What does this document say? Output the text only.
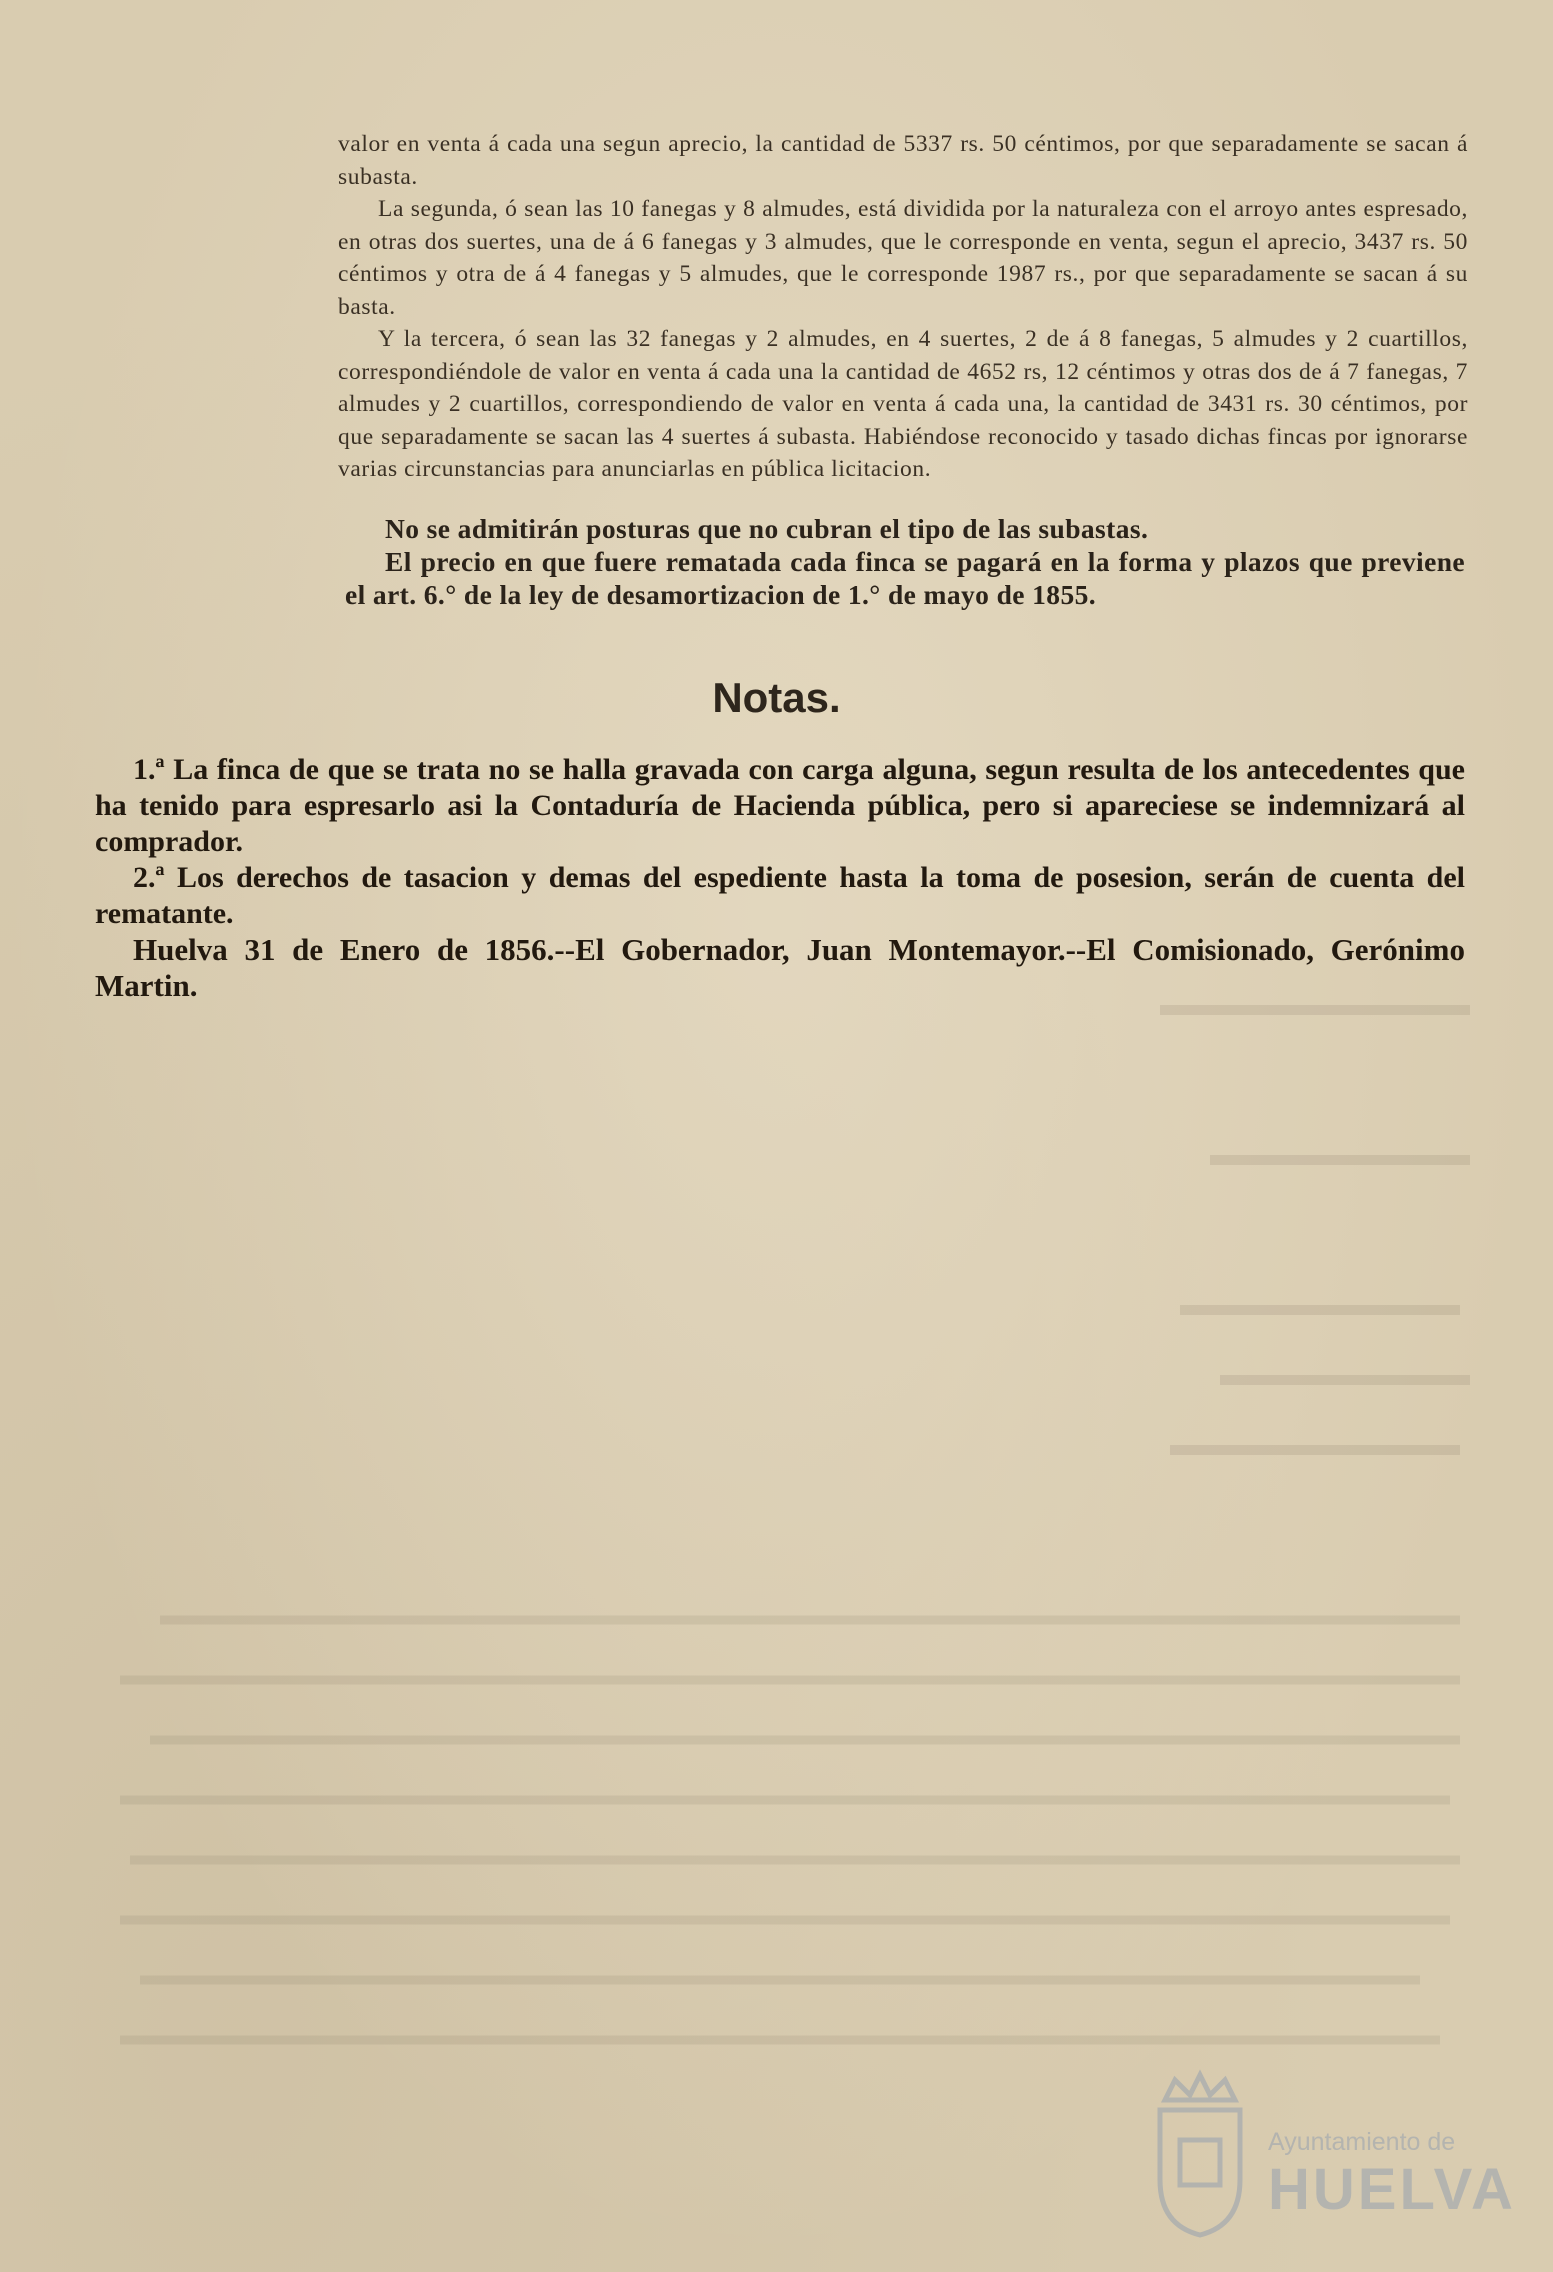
valor en venta á cada una segun aprecio, la cantidad de 5337 rs. 50 céntimos, por que separadamente se sacan á subasta.

La segunda, ó sean las 10 fanegas y 8 almudes, está dividida por la naturaleza con el arroyo antes espresado, en otras dos suertes, una de á 6 fanegas y 3 almudes, que le corresponde en venta, segun el aprecio, 3437 rs. 50 céntimos y otra de á 4 fanegas y 5 almudes, que le corresponde 1987 rs., por que separadamente se sacan á su basta.

Y la tercera, ó sean las 32 fanegas y 2 almudes, en 4 suertes, 2 de á 8 fanegas, 5 almudes y 2 cuartillos, correspondiéndole de valor en venta á cada una la cantidad de 4652 rs, 12 céntimos y otras dos de á 7 fanegas, 7 almudes y 2 cuartillos, correspondiendo de valor en venta á cada una, la cantidad de 3431 rs. 30 céntimos, por que separadamente se sacan las 4 suertes á subasta. Habiéndose reconocido y tasado dichas fincas por ignorarse varias circunstancias para anunciarlas en pública licitacion.

No se admitirán posturas que no cubran el tipo de las subastas.

El precio en que fuere rematada cada finca se pagará en la forma y plazos que previene el art. 6.° de la ley de desamortizacion de 1.° de mayo de 1855.

Notas.

1.ª La finca de que se trata no se halla gravada con carga alguna, segun resulta de los antecedentes que ha tenido para espresarlo asi la Contaduría de Hacienda pública, pero si apareciese se indemnizará al comprador.

2.ª Los derechos de tasacion y demas del espediente hasta la toma de posesion, serán de cuenta del rematante.

Huelva 31 de Enero de 1856.--El Gobernador, Juan Montemayor.--El Comisionado, Gerónimo Martin.

Ayuntamiento de
HUELVA
